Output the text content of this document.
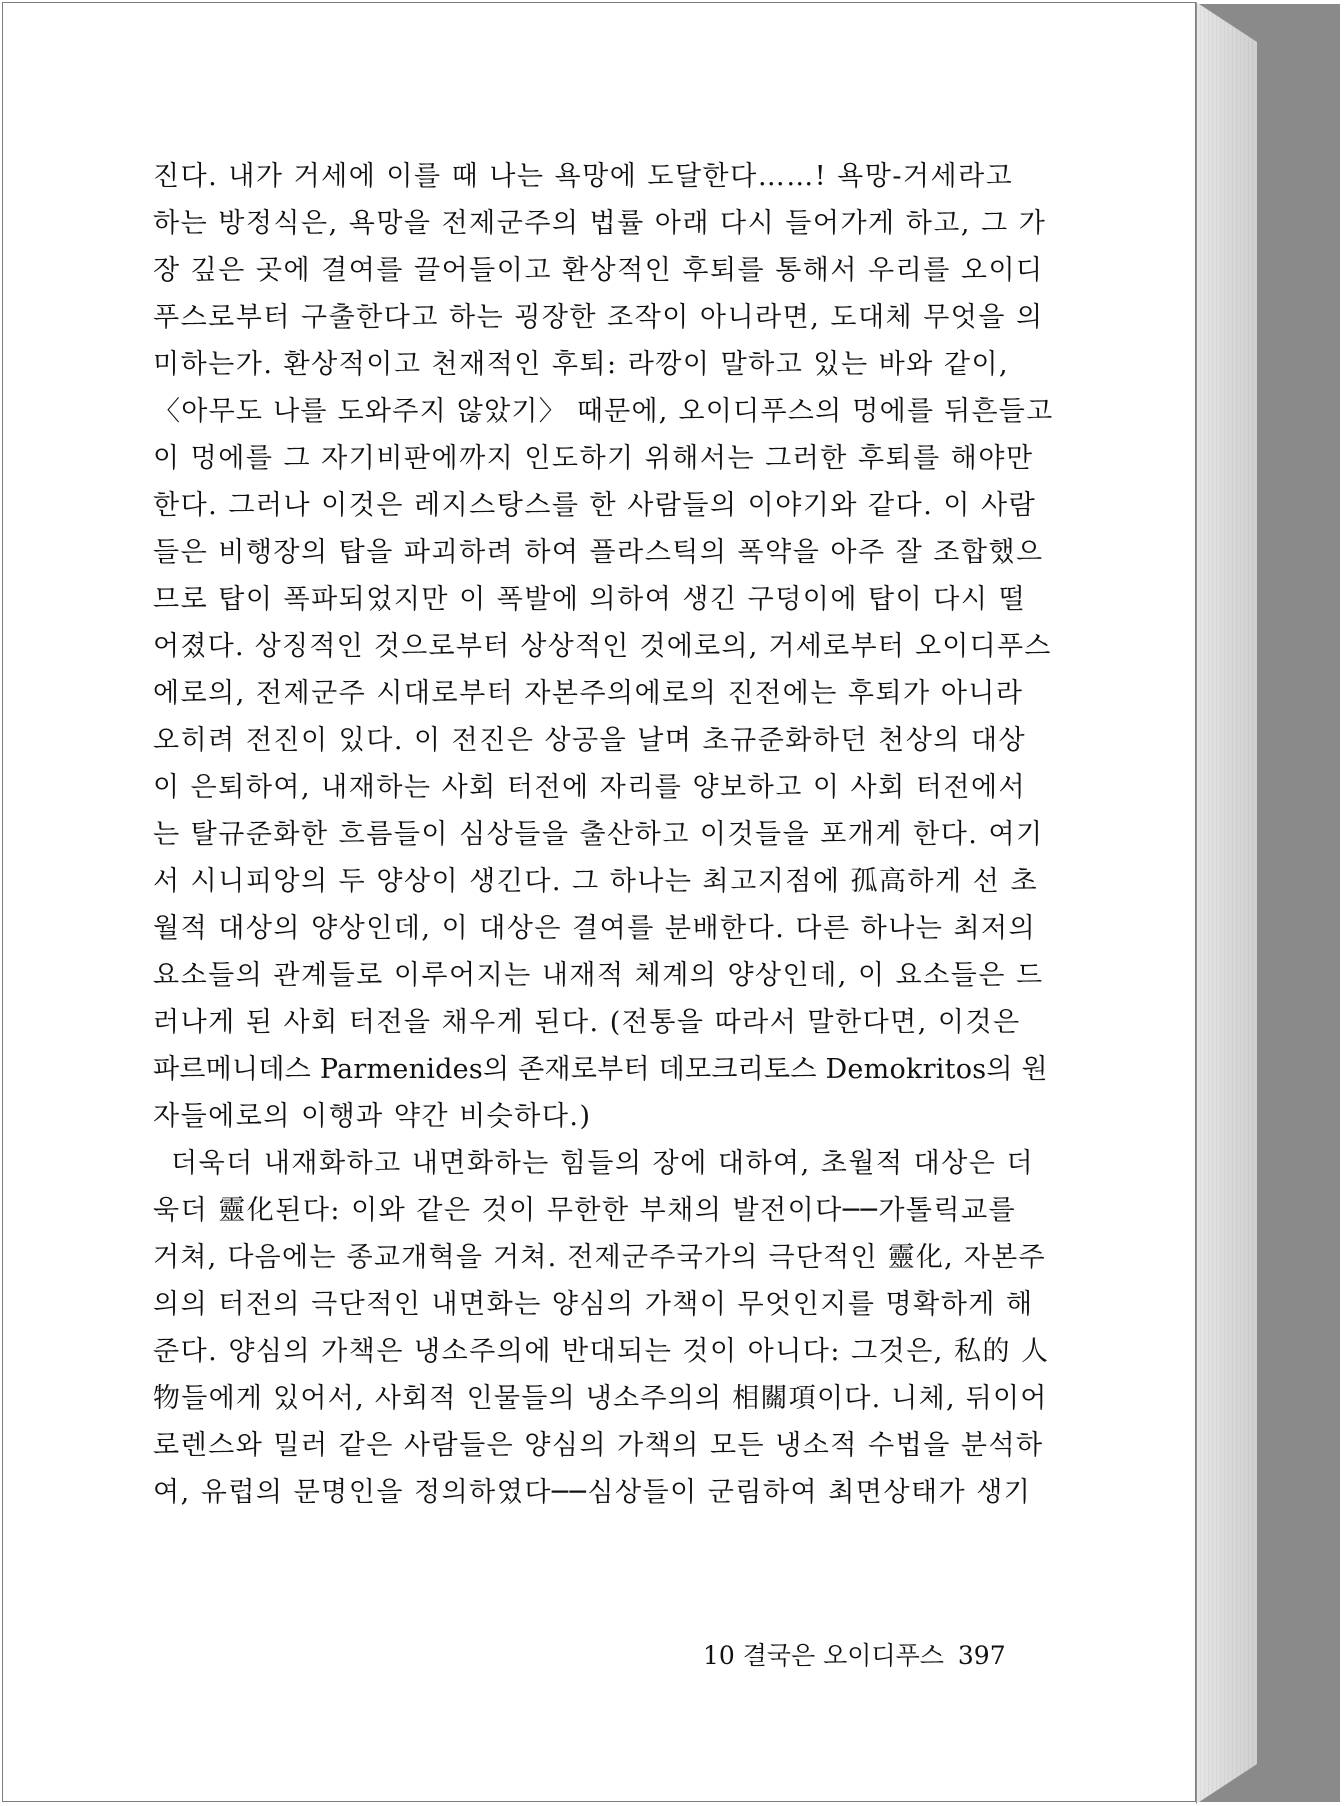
진다. 내가 거세에 이를 때 나는 욕망에 도달한다……! 욕망-거세라고
하는 방정식은, 욕망을 전제군주의 법률 아래 다시 들어가게 하고, 그 가
장 깊은 곳에 결여를 끌어들이고 환상적인 후퇴를 통해서 우리를 오이디
푸스로부터 구출한다고 하는 굉장한 조작이 아니라면, 도대체 무엇을 의
미하는가. 환상적이고 천재적인 후퇴: 라깡이 말하고 있는 바와 같이,
〈아무도 나를 도와주지 않았기〉 때문에, 오이디푸스의 멍에를 뒤흔들고
이 멍에를 그 자기비판에까지 인도하기 위해서는 그러한 후퇴를 해야만
한다. 그러나 이것은 레지스탕스를 한 사람들의 이야기와 같다. 이 사람
들은 비행장의 탑을 파괴하려 하여 플라스틱의 폭약을 아주 잘 조합했으
므로 탑이 폭파되었지만 이 폭발에 의하여 생긴 구덩이에 탑이 다시 떨
어졌다. 상징적인 것으로부터 상상적인 것에로의, 거세로부터 오이디푸스
에로의, 전제군주 시대로부터 자본주의에로의 진전에는 후퇴가 아니라
오히려 전진이 있다. 이 전진은 상공을 날며 초규준화하던 천상의 대상
이 은퇴하여, 내재하는 사회 터전에 자리를 양보하고 이 사회 터전에서
는 탈규준화한 흐름들이 심상들을 출산하고 이것들을 포개게 한다. 여기
서 시니피앙의 두 양상이 생긴다. 그 하나는 최고지점에 孤高하게 선 초
월적 대상의 양상인데, 이 대상은 결여를 분배한다. 다른 하나는 최저의
요소들의 관계들로 이루어지는 내재적 체계의 양상인데, 이 요소들은 드
러나게 된 사회 터전을 채우게 된다. (전통을 따라서 말한다면, 이것은
파르메니데스 Parmenides의 존재로부터 데모크리토스 Demokritos의 원
자들에로의 이행과 약간 비슷하다.)
더욱더 내재화하고 내면화하는 힘들의 장에 대하여, 초월적 대상은 더
욱더 靈化된다: 이와 같은 것이 무한한 부채의 발전이다──가톨릭교를
거쳐, 다음에는 종교개혁을 거쳐. 전제군주국가의 극단적인 靈化, 자본주
의의 터전의 극단적인 내면화는 양심의 가책이 무엇인지를 명확하게 해
준다. 양심의 가책은 냉소주의에 반대되는 것이 아니다: 그것은, 私的 人
物들에게 있어서, 사회적 인물들의 냉소주의의 相關項이다. 니체, 뒤이어
로렌스와 밀러 같은 사람들은 양심의 가책의 모든 냉소적 수법을 분석하
여, 유럽의 문명인을 정의하였다──심상들이 군림하여 최면상태가 생기
10 결국은 오이디푸스 397
